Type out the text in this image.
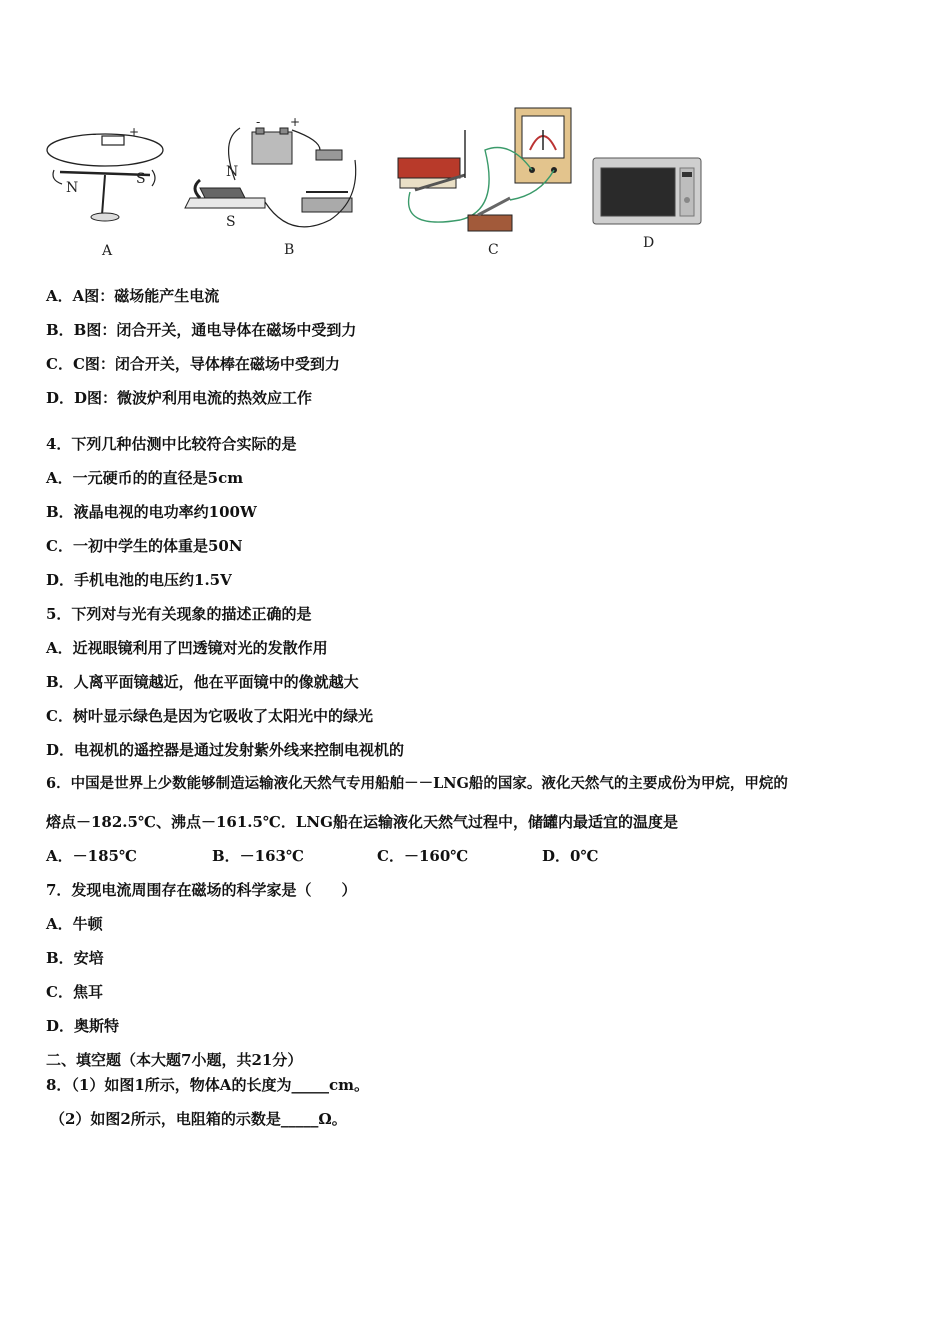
-	+
N
S
A
- +
N
S
B	C	D
A．A图：磁场能产生电流
B．B图：闭合开关，通电导体在磁场中受到力
C．C图：闭合开关，导体棒在磁场中受到力
D．D图：微波炉利用电流的热效应工作
4．下列几种估测中比较符合实际的是
A．一元硬币的的直径是5cm
B．液晶电视的电功率约100W
C．一初中学生的体重是50N
D．手机电池的电压约1.5V
5．下列对与光有关现象的描述正确的是
A．近视眼镜利用了凹透镜对光的发散作用
B．人离平面镜越近，他在平面镜中的像就越大
C．树叶显示绿色是因为它吸收了太阳光中的绿光
D．电视机的遥控器是通过发射紫外线来控制电视机的
6．中国是世界上少数能够制造运输液化天然气专用船舶－－LNG船的国家。液化天然气的主要成份为甲烷，甲烷的
熔点－182.5℃、沸点－161.5℃．LNG船在运输液化天然气过程中，储罐内最适宜的温度是
A．－185℃	B．－163℃	C．－160℃	D．0℃
7．发现电流周围存在磁场的科学家是（　　）
A．牛顿
B．安培
C．焦耳
D．奥斯特
二、填空题（本大题7小题，共21分）
8．（1）如图1所示，物体A的长度为_____cm。
（2）如图2所示，电阻箱的示数是_____Ω。
